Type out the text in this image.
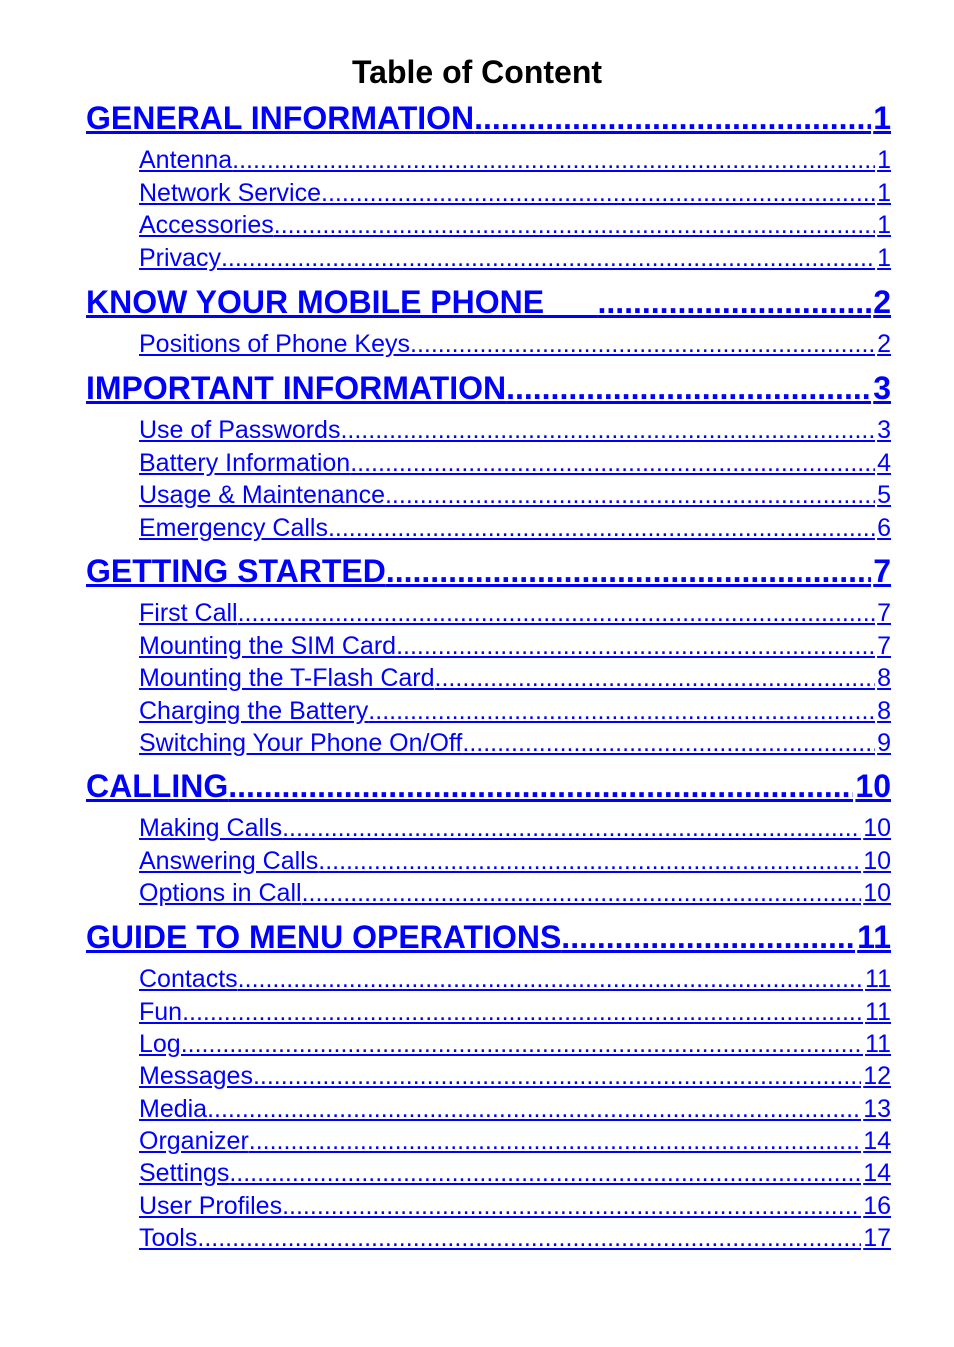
Table of Content
GENERAL INFORMATION .....	1
Antenna .....	1
Network Service .....	1
Accessories .....	1
Privacy .....	1
KNOW YOUR MOBILE PHONE .....	2
Positions of Phone Keys .....	2
IMPORTANT INFORMATION .....	3
Use of Passwords .....	3
Battery Information .....	4
Usage & Maintenance .....	5
Emergency Calls .....	6
GETTING STARTED .....	7
First Call .....	7
Mounting the SIM Card .....	7
Mounting the T-Flash Card .....	8
Charging the Battery .....	8
Switching Your Phone On/Off .....	9
CALLING .....	10
Making Calls .....	10
Answering Calls .....	10
Options in Call .....	10
GUIDE TO MENU OPERATIONS .....	11
Contacts .....	11
Fun .....	11
Log .....	11
Messages .....	12
Media .....	13
Organizer .....	14
Settings .....	14
User Profiles .....	16
Tools .....	17
